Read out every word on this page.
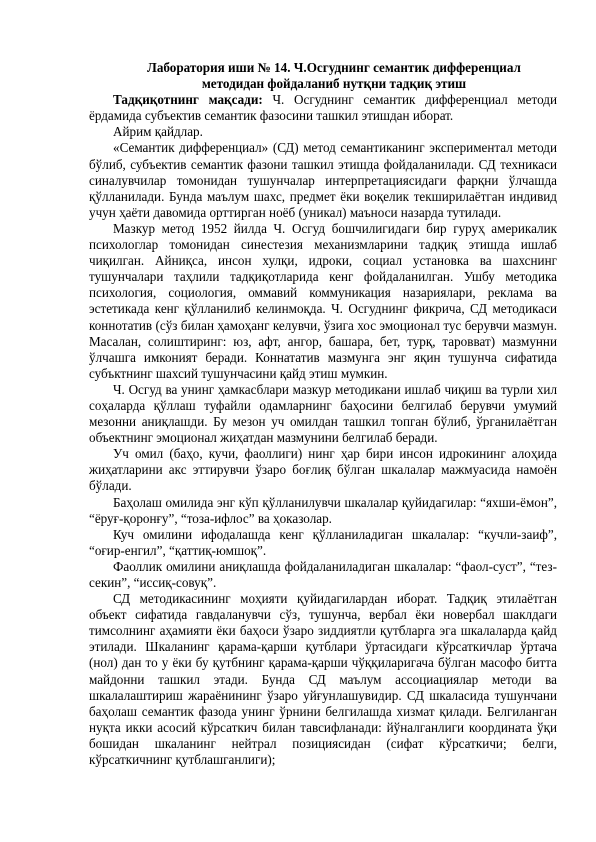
Лаборатория иши № 14. Ч.Осгуднинг семантик дифференциал
методидан фойдаланиб нутқни тадқиқ этиш

Тадқиқотнинг мақсади: Ч. Осгуднинг семантик дифференциал методи ёрдамида субъектив семантик фазосини ташкил этишдан иборат.

Айрим қайдлар.

«Семантик дифференциал» (СД) метод семантиканинг экспериментал методи бўлиб, субъектив семантик фазони ташкил этишда фойдаланилади. СД техникаси синалувчилар томонидан тушунчалар интерпретациясидаги фарқни ўлчашда қўлланилади. Бунда маълум шахс, предмет ёки воқелик текширилаётган индивид учун ҳаёти давомида орттирган ноёб (уникал) маъноси назарда тутилади.

Мазкур метод 1952 йилда Ч. Осгуд бошчилигидаги бир гуруҳ америкалик психологлар томонидан синестезия механизмларини тадқиқ этишда ишлаб чиқилган. Айниқса, инсон хулқи, идроки, социал установка ва шахснинг тушунчалари таҳлили тадқиқотларида кенг фойдаланилган. Ушбу методика психология, социология, оммавий коммуникация назариялари, реклама ва эстетикада кенг қўлланилиб келинмоқда. Ч. Осгуднинг фикрича, СД методикаси коннотатив (сўз билан ҳамоҳанг келувчи, ўзига хос эмоционал тус берувчи мазмун. Масалан, солиштиринг: юз, афт, ангор, башара, бет, турқ, таровват) мазмунни ўлчашга имконият беради. Коннататив мазмунга энг яқин тушунча сифатида субъктнинг шахсий тушунчасини қайд этиш мумкин.

Ч. Осгуд ва унинг ҳамкасблари мазкур методикани ишлаб чиқиш ва турли хил соҳаларда қўллаш туфайли одамларнинг баҳосини белгилаб берувчи умумий мезонни аниқлашди. Бу мезон уч омилдан ташкил топган бўлиб, ўрганилаётган объектнинг эмоционал жиҳатдан мазмунини белгилаб беради.

Уч омил (баҳо, кучи, фаоллиги) нинг ҳар бири инсон идрокининг алоҳида жиҳатларини акс эттирувчи ўзаро боғлиқ бўлган шкалалар мажмуасида намоён бўлади.

Баҳолаш омилида энг кўп қўлланилувчи шкалалар қуйидагилар: “яхши-ёмон”, “ёруғ-қоронғу”, “тоза-ифлос” ва ҳоказолар.

Куч омилини ифодалашда кенг қўлланиладиган шкалалар: “кучли-заиф”, “оғир-енгил”, “қаттиқ-юмшоқ”.

Фаоллик омилини аниқлашда фойдаланиладиган шкалалар: “фаол-суст”, “тез-секин”, “иссиқ-совуқ”.

СД методикасининг моҳияти қуйидагилардан иборат. Тадқиқ этилаётган объект сифатида гавдаланувчи сўз, тушунча, вербал ёки новербал шаклдаги тимсолнинг аҳамияти ёки баҳоси ўзаро зиддиятли қутбларга эга шкалаларда қайд этилади. Шкаланинг қарама-қарши қутблари ўртасидаги кўрсаткичлар ўртача (нол) дан то у ёки бу қутбнинг қарама-қарши чўққиларигача бўлган масофо битта майдонни ташкил этади. Бунда СД маълум ассоциациялар методи ва шкалалаштириш жараёнининг ўзаро уйғунлашувидир. СД шкаласида тушунчани баҳолаш семантик фазода унинг ўрнини белгилашда хизмат қилади. Белгиланган нуқта икки асосий кўрсаткич билан тавсифланади: йўналганлиги координата ўқи бошидан шкаланинг нейтрал позициясидан (сифат кўрсаткичи; белги, кўрсаткичнинг қутблашганлиги);
